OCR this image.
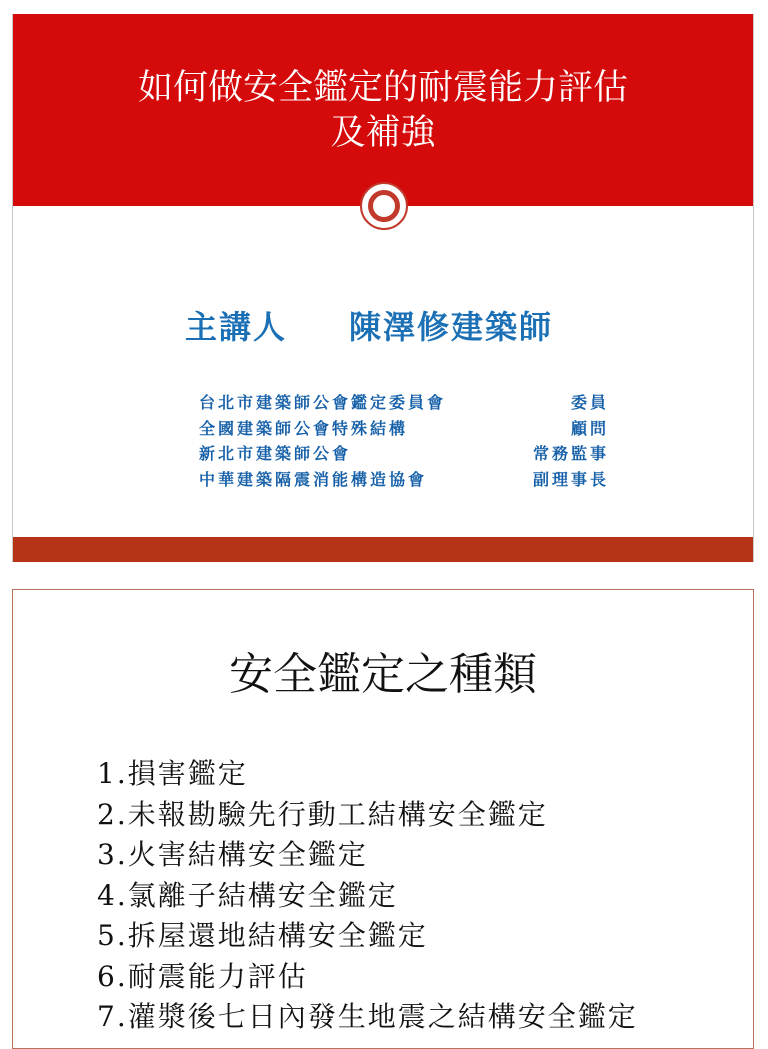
如何做安全鑑定的耐震能力評估
及補強
主講人 陳澤修建築師
台北市建築師公會鑑定委員會	委員
全國建築師公會特殊結構	顧問
新北市建築師公會	常務監事
中華建築隔震消能構造協會	副理事長
安全鑑定之種類
1.損害鑑定
2.未報勘驗先行動工結構安全鑑定
3.火害結構安全鑑定
4.氯離子結構安全鑑定
5.拆屋還地結構安全鑑定
6.耐震能力評估
7.灌漿後七日內發生地震之結構安全鑑定
